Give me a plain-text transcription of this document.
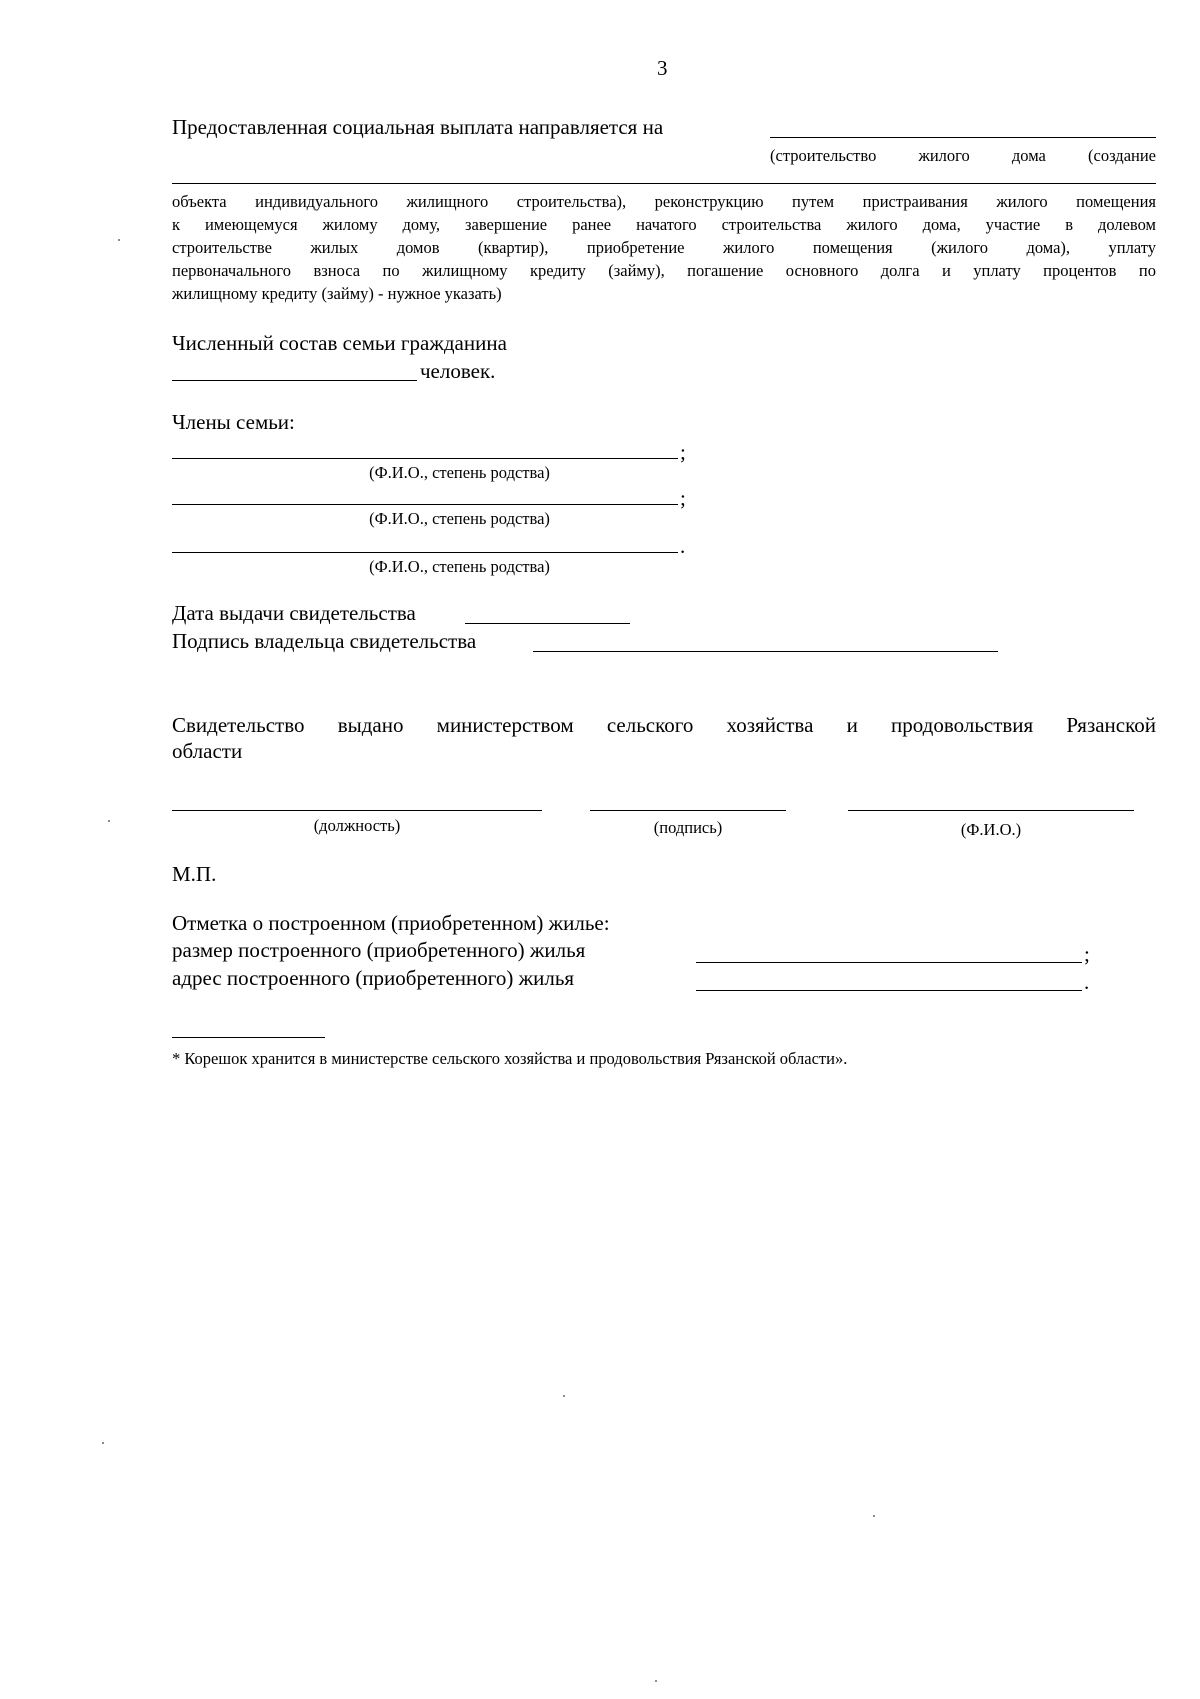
3
Предоставленная социальная выплата направляется на
(строительство жилого дома (создание
объекта индивидуального жилищного строительства), реконструкцию путем пристраивания жилого помещения
к имеющемуся жилому дому, завершение ранее начатого строительства жилого дома, участие в долевом
строительстве жилых домов (квартир), приобретение жилого помещения (жилого дома), уплату
первоначального взноса по жилищному кредиту (займу), погашение основного долга и уплату процентов по
жилищному кредиту (займу) - нужное указать)
Численный состав семьи гражданина
человек.
Члены семьи:
;
(Ф.И.О., степень родства)
;
(Ф.И.О., степень родства)
.
(Ф.И.О., степень родства)
Дата выдачи свидетельства
Подпись владельца свидетельства
Свидетельство выдано министерством сельского хозяйства и продовольствия Рязанской
области
(должность)	(подпись)	(Ф.И.О.)
М.П.
Отметка о построенном (приобретенном) жилье:
размер построенного (приобретенного) жилья	;
адрес построенного (приобретенного) жилья	.
* Корешок хранится в министерстве сельского хозяйства и продовольствия Рязанской области».
